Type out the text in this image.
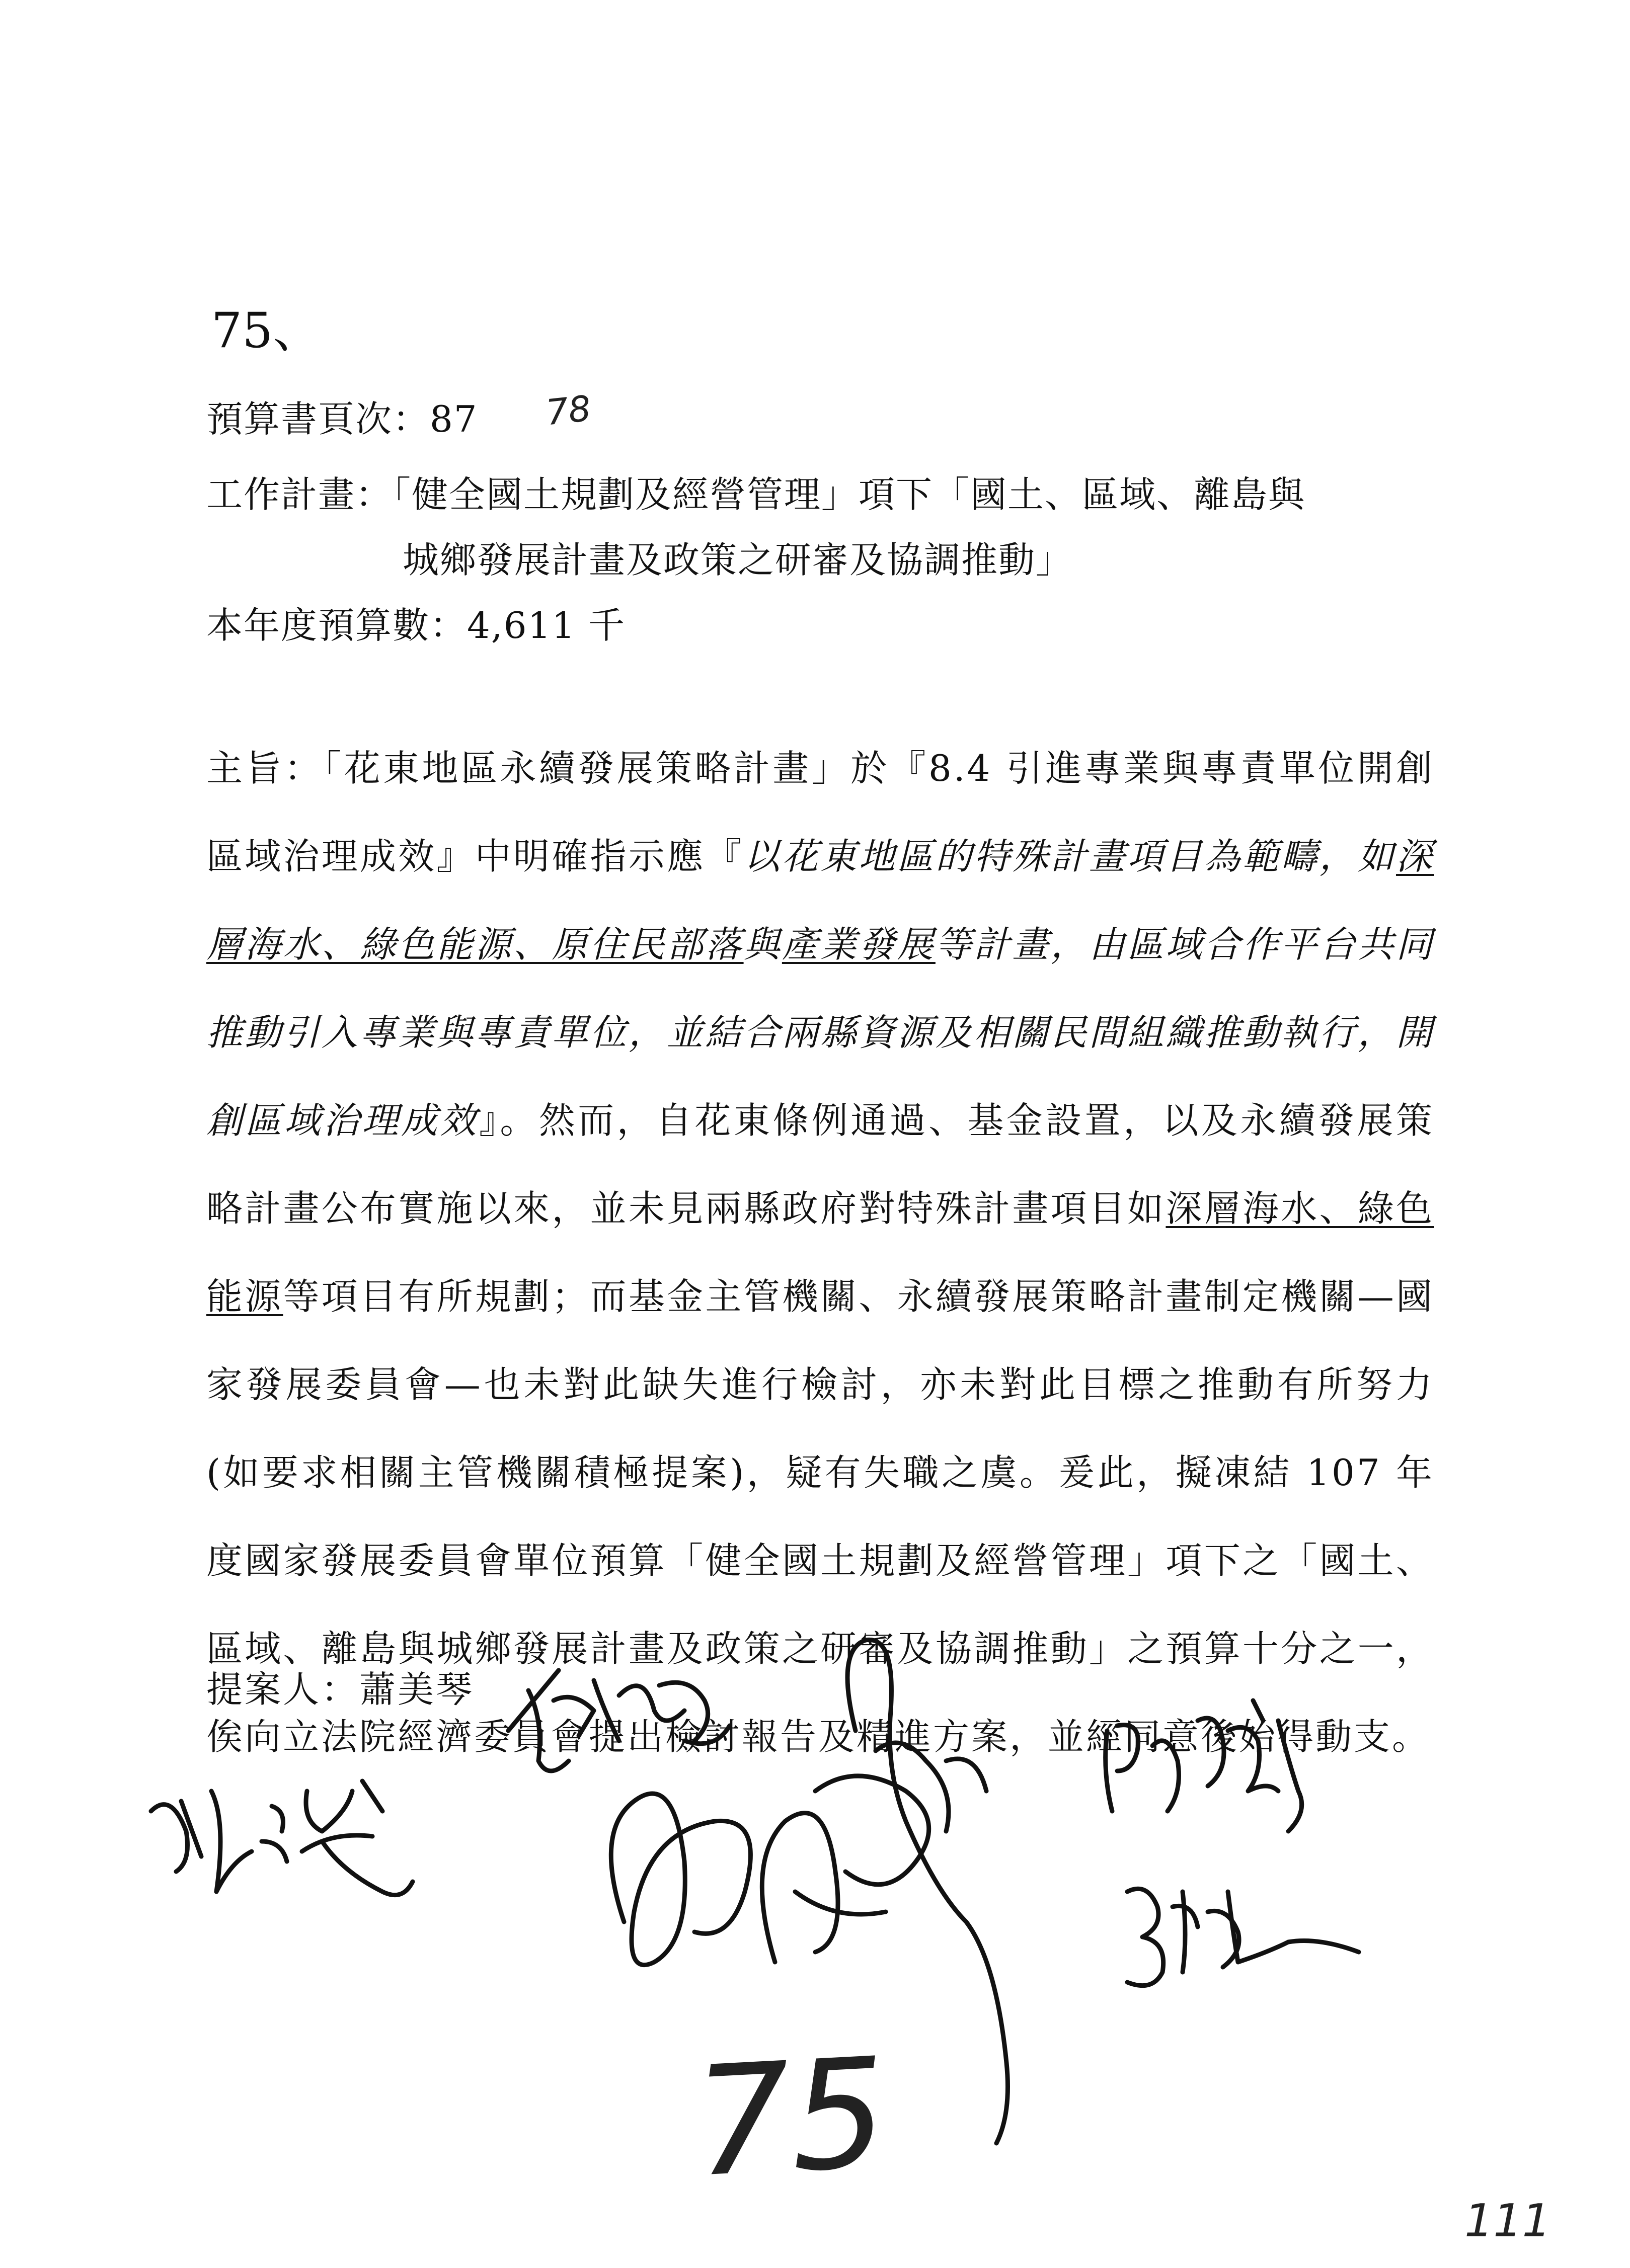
75、
預算書頁次：87 78
工作計畫：「健全國土規劃及經營管理」項下「國土、區域、離島與
城鄉發展計畫及政策之研審及協調推動」
本年度預算數：4,611 千
主旨：「花東地區永續發展策略計畫」於『8.4 引進專業與專責單位開創區域治理成效』中明確指示應『以花東地區的特殊計畫項目為範疇，如深層海水、綠色能源、原住民部落與產業發展等計畫，由區域合作平台共同推動引入專業與專責單位，並結合兩縣資源及相關民間組織推動執行，開創區域治理成效』。然而，自花東條例通過、基金設置，以及永續發展策略計畫公布實施以來，並未見兩縣政府對特殊計畫項目如深層海水、綠色能源等項目有所規劃；而基金主管機關、永續發展策略計畫制定機關—國家發展委員會—也未對此缺失進行檢討，亦未對此目標之推動有所努力(如要求相關主管機關積極提案)，疑有失職之虞。爰此，擬凍結 107 年度國家發展委員會單位預算「健全國土規劃及經營管理」項下之「國土、區域、離島與城鄉發展計畫及政策之研審及協調推動」之預算十分之一，俟向立法院經濟委員會提出檢討報告及精進方案，並經同意後始得動支。
提案人：蕭美琴
75
111
